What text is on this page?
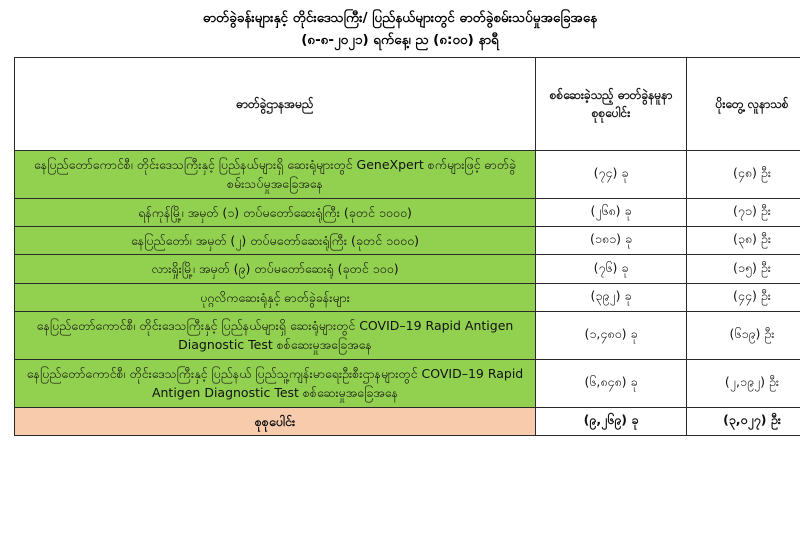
ဓာတ်ခွဲခန်းများနှင့် တိုင်းဒေသကြီး/ ပြည်နယ်များတွင် ဓာတ်ခွဲစမ်းသပ်မှုအခြေအနေ
(၈-၈-၂၀၂၁) ရက်နေ့၊ ည (၈:၀၀) နာရီ
ဓာတ်ခွဲဌာနအမည်	စစ်ဆေးခဲ့သည့် ဓာတ်ခွဲနမူနာ စုစုပေါင်း	ပိုးတွေ့ လူနာသစ်
နေပြည်တော်ကောင်စီ၊ တိုင်းဒေသကြီးနှင့် ပြည်နယ်များရှိ ဆေးရုံများတွင် GeneXpert စက်များဖြင့် ဓာတ်ခွဲစမ်းသပ်မှုအခြေအနေ	(၇၄) ခု	(၄၈) ဦး
ရန်ကုန်မြို့၊ အမှတ် (၁) တပ်မတော်ဆေးရုံကြီး (ခုတင် ၁၀၀၀)	(၂၆၈) ခု	(၇၁) ဦး
နေပြည်တော်၊ အမှတ် (၂) တပ်မတော်ဆေးရုံကြီး (ခုတင် ၁၀၀၀)	(၁၈၁) ခု	(၃၈) ဦး
လားရှိုးမြို့၊ အမှတ် (၉) တပ်မတော်ဆေးရုံ (ခုတင် ၁၀၀)	(၇၆) ခု	(၁၅) ဦး
ပုဂ္ဂလိကဆေးရုံနှင့် ဓာတ်ခွဲခန်းများ	(၃၉၂) ခု	(၄၄) ဦး
နေပြည်တော်ကောင်စီ၊ တိုင်းဒေသကြီးနှင့် ပြည်နယ်များရှိ ဆေးရုံများတွင် COVID–19 Rapid Antigen Diagnostic Test စစ်ဆေးမှုအခြေအနေ	(၁,၄၈၀) ခု	(၆၁၉) ဦး
နေပြည်တော်ကောင်စီ၊ တိုင်းဒေသကြီးနှင့် ပြည်နယ် ပြည်သူ့ကျန်းမာရေးဦးစီးဌာနများတွင် COVID–19 Rapid Antigen Diagnostic Test စစ်ဆေးမှုအခြေအနေ	(၆,၈၄၈) ခု	(၂,၁၉၂) ဦး
စုစုပေါင်း	(၉,၂၆၉) ခု	(၃,၀၂၇) ဦး
